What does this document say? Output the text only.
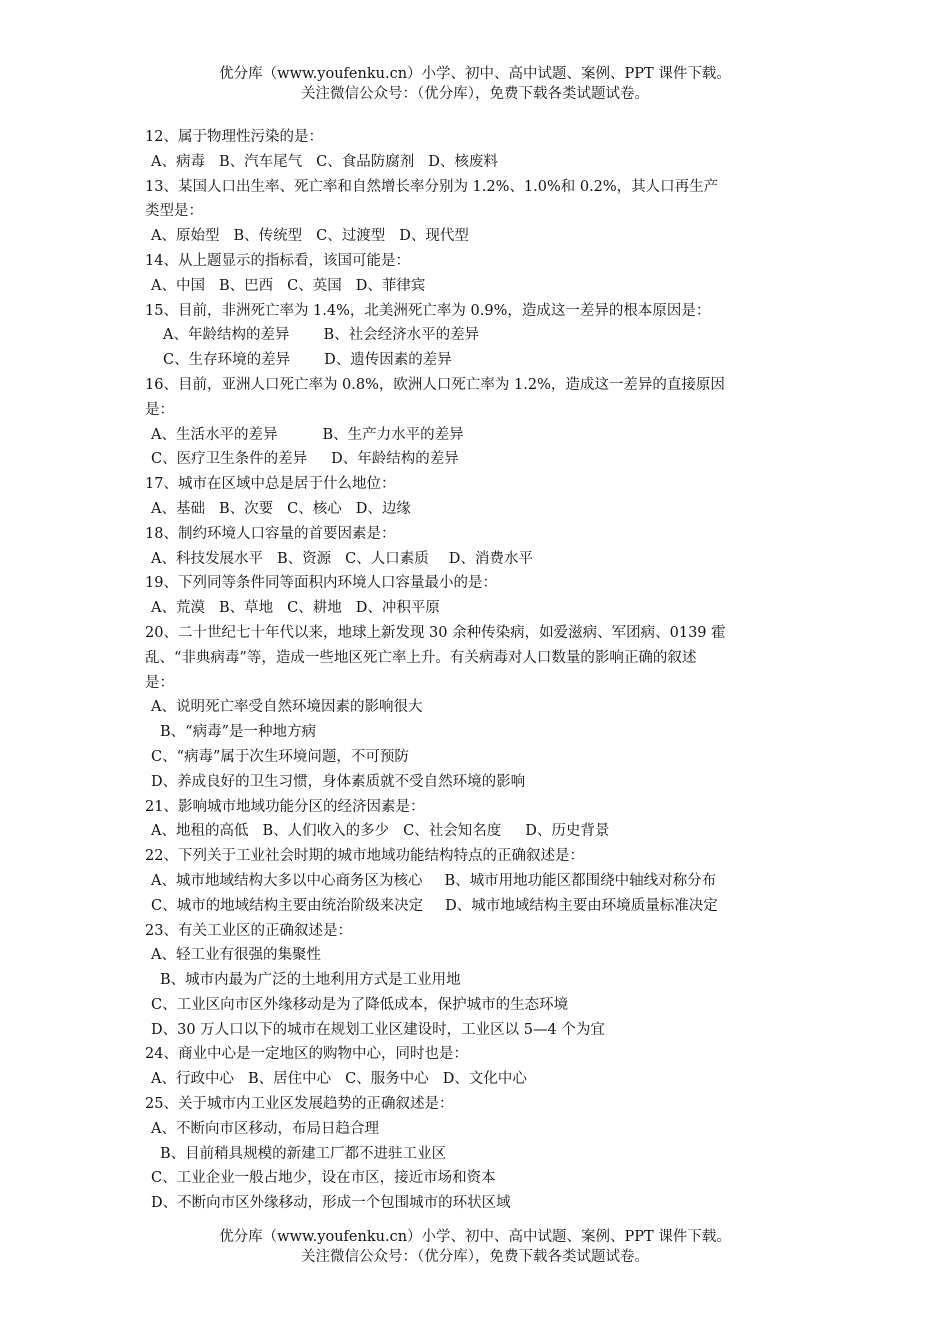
优分库（www.youfenku.cn）小学、初中、高中试题、案例、PPT 课件下载。
关注微信公众号：（优分库），免费下载各类试题试卷。
12、属于物理性污染的是：
A、病毒 B、汽车尾气 C、食品防腐剂 D、核废料
13、某国人口出生率、死亡率和自然增长率分别为 1.2%、1.0%和 0.2%，其人口再生产
类型是：
A、原始型 B、传统型 C、过渡型 D、现代型
14、从上题显示的指标看，该国可能是：
A、中国 B、巴西 C、英国 D、菲律宾
15、目前，非洲死亡率为 1.4%，北美洲死亡率为 0.9%，造成这一差异的根本原因是：
A、年龄结构的差异 B、社会经济水平的差异
C、生存环境的差异 D、遗传因素的差异
16、目前，亚洲人口死亡率为 0.8%，欧洲人口死亡率为 1.2%，造成这一差异的直接原因
是：
A、生活水平的差异	B、生产力水平的差异
C、医疗卫生条件的差异 D、年龄结构的差异
17、城市在区域中总是居于什么地位：
A、基础 B、次要 C、核心 D、边缘
18、制约环境人口容量的首要因素是：
A、科技发展水平 B、资源 C、人口素质 D、消费水平
19、下列同等条件同等面积内环境人口容量最小的是：
A、荒漠 B、草地 C、耕地 D、冲积平原
20、二十世纪七十年代以来，地球上新发现 30 余种传染病，如爱滋病、军团病、0139 霍
乱、“非典病毒”等，造成一些地区死亡率上升。有关病毒对人口数量的影响正确的叙述
是：
A、说明死亡率受自然环境因素的影响很大
B、“病毒”是一种地方病
C、“病毒”属于次生环境问题，不可预防
D、养成良好的卫生习惯，身体素质就不受自然环境的影响
21、影响城市地域功能分区的经济因素是：
A、地租的高低 B、人们收入的多少 C、社会知名度 D、历史背景
22、下列关于工业社会时期的城市地域功能结构特点的正确叙述是：
A、城市地域结构大多以中心商务区为核心 B、城市用地功能区都围绕中轴线对称分布
C、城市的地域结构主要由统治阶级来决定 D、城市地域结构主要由环境质量标准决定
23、有关工业区的正确叙述是：
A、轻工业有很强的集聚性
B、城市内最为广泛的土地利用方式是工业用地
C、工业区向市区外缘移动是为了降低成本，保护城市的生态环境
D、30 万人口以下的城市在规划工业区建设时，工业区以 5—4 个为宜
24、商业中心是一定地区的购物中心，同时也是：
A、行政中心 B、居住中心 C、服务中心 D、文化中心
25、关于城市内工业区发展趋势的正确叙述是：
A、不断向市区移动，布局日趋合理
B、目前稍具规模的新建工厂都不进驻工业区
C、工业企业一般占地少，设在市区，接近市场和资本
D、不断向市区外缘移动，形成一个包围城市的环状区域
优分库（www.youfenku.cn）小学、初中、高中试题、案例、PPT 课件下载。
关注微信公众号：（优分库），免费下载各类试题试卷。
